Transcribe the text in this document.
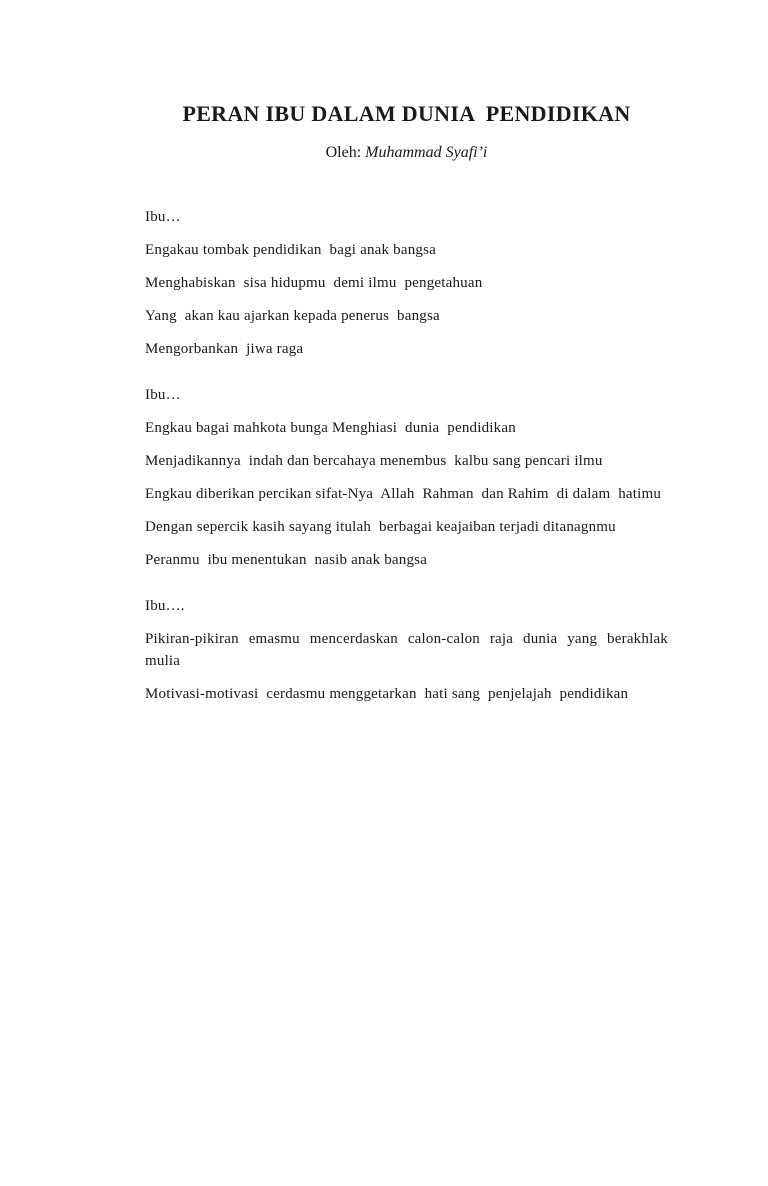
PERAN IBU DALAM DUNIA  PENDIDIKAN
Oleh: Muhammad Syafi’i
Ibu…
Engakau tombak pendidikan  bagi anak bangsa
Menghabiskan  sisa hidupmu  demi ilmu  pengetahuan
Yang  akan kau ajarkan kepada penerus  bangsa
Mengorbankan  jiwa raga
Ibu…
Engkau bagai mahkota bunga Menghiasi  dunia  pendidikan
Menjadikannya  indah dan bercahaya menembus  kalbu sang pencari ilmu
Engkau diberikan percikan sifat-Nya  Allah  Rahman  dan Rahim  di dalam  hatimu
Dengan sepercik kasih sayang itulah  berbagai keajaiban terjadi ditanagnmu
Peranmu  ibu menentukan  nasib anak bangsa
Ibu….
Pikiran-pikiran emasmu mencerdaskan calon-calon raja dunia yang berakhlak
mulia
Motivasi-motivasi  cerdasmu menggetarkan  hati sang  penjelajah  pendidikan
